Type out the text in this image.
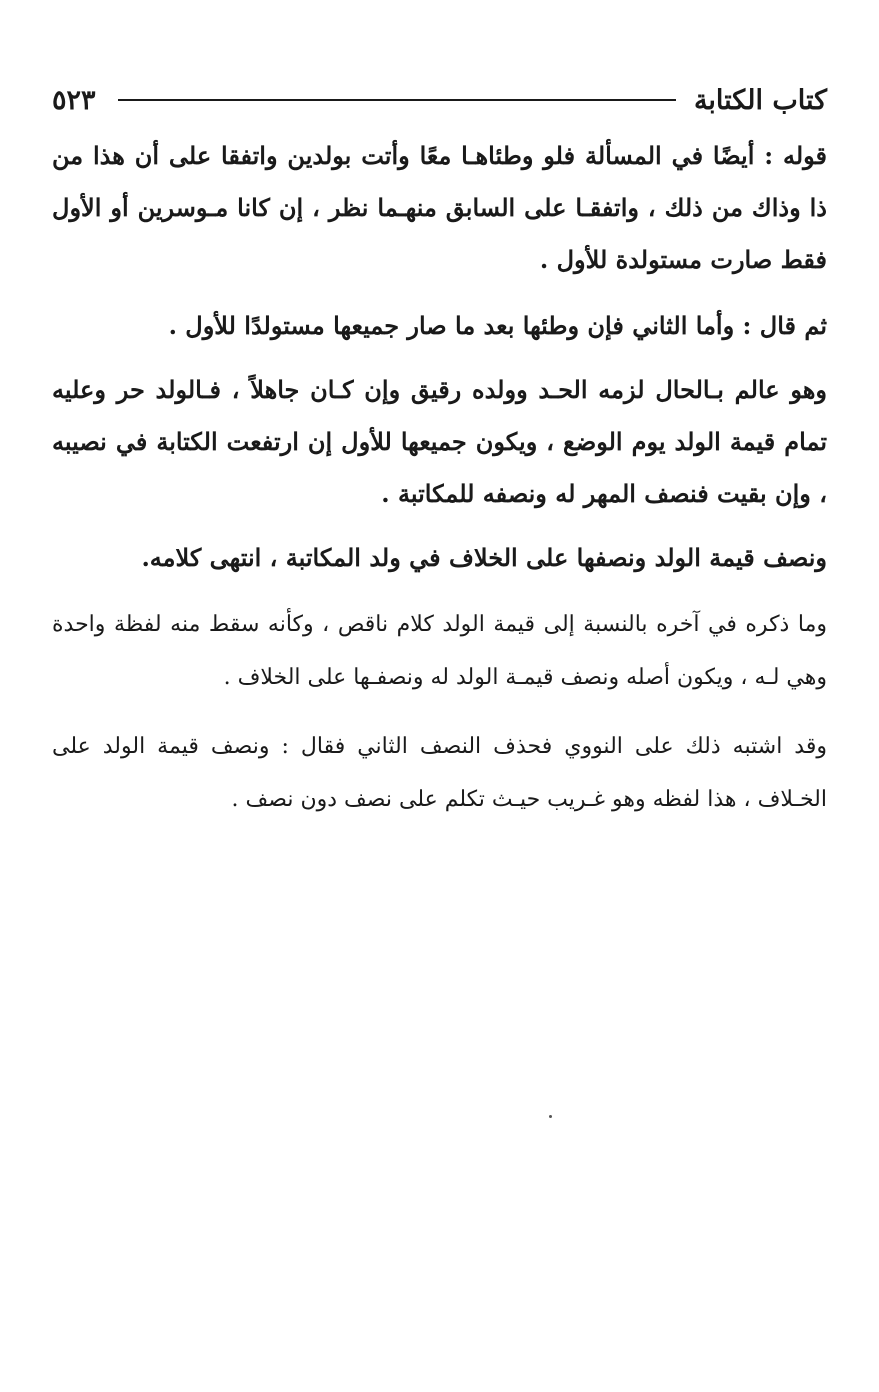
كتاب الكتابة
٥٢٣

قوله : أيضًا في المسألة فلو وطئاهـا معًا وأتت بولدين واتفقا على أن هذا من ذا وذاك من ذلك ، واتفقـا على السابق منهـما نظر ، إن كانا مـوسرين أو الأول فقط صارت مستولدة للأول .

ثم قال : وأما الثاني فإن وطئها بعد ما صار جميعها مستولدًا للأول .

وهو عالم بـالحال لزمه الحـد وولده رقيق وإن كـان جاهلاً ، فـالولد حر وعليه تمام قيمة الولد يوم الوضع ، ويكون جميعها للأول إن ارتفعت الكتابة في نصيبه ، وإن بقيت فنصف المهر له ونصفه للمكاتبة .

ونصف قيمة الولد ونصفها على الخلاف في ولد المكاتبة ، انتهى كلامه.

وما ذكره في آخره بالنسبة إلى قيمة الولد كلام ناقص ، وكأنه سقط منه لفظة واحدة وهي لـه ، ويكون أصله ونصف قيمـة الولد له ونصفـها على الخلاف .

وقد اشتبه ذلك على النووي فحذف النصف الثاني فقال : ونصف قيمة الولد على الخـلاف ، هذا لفظه وهو غـريب حيـث تكلم على نصف دون نصف .
